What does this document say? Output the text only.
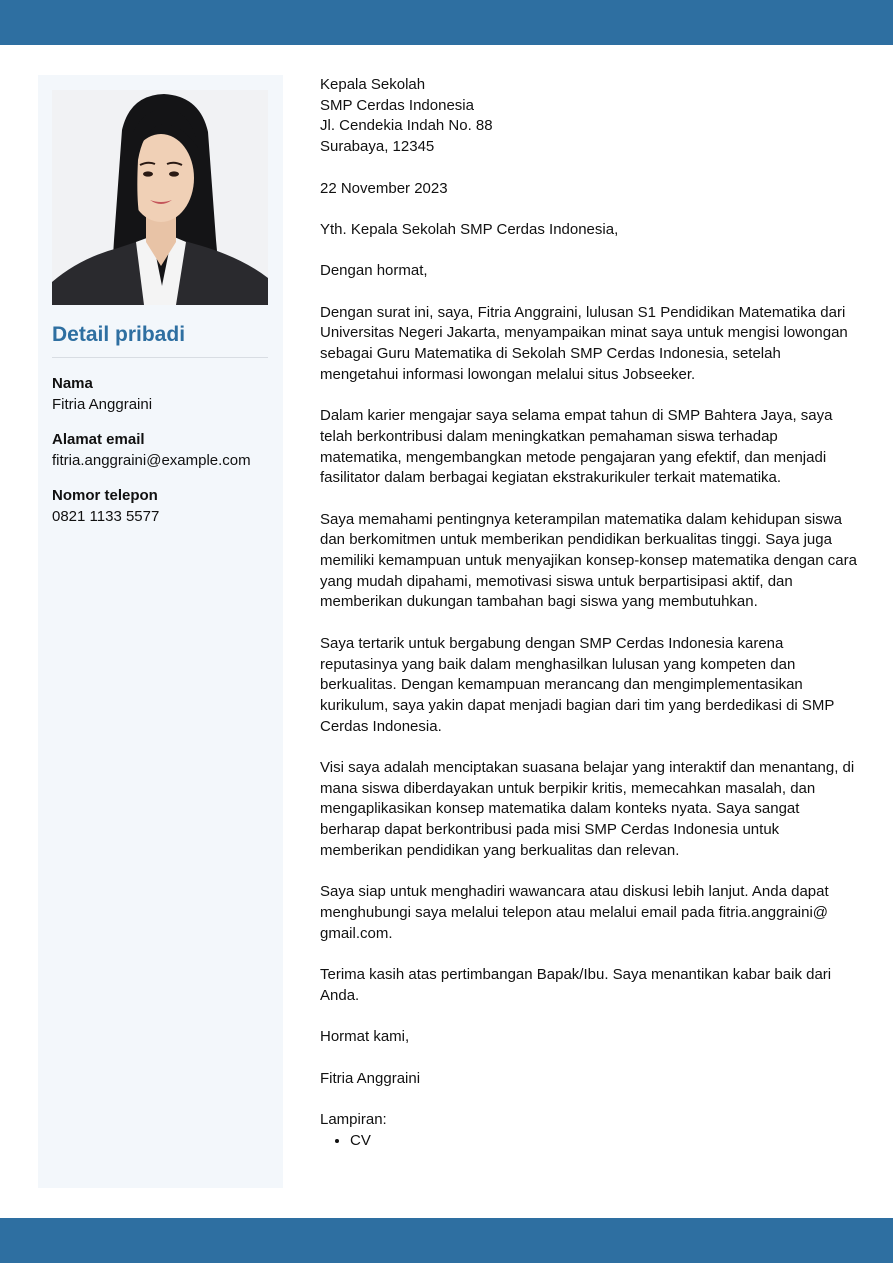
Detail pribadi
Nama
Fitria Anggraini
Alamat email
fitria.anggraini@example.com
Nomor telepon
0821 1133 5577
Kepala Sekolah
SMP Cerdas Indonesia
Jl. Cendekia Indah No. 88
Surabaya, 12345

22 November 2023

Yth. Kepala Sekolah SMP Cerdas Indonesia,

Dengan hormat,

Dengan surat ini, saya, Fitria Anggraini, lulusan S1 Pendidikan Matematika dari Universitas Negeri Jakarta, menyampaikan minat saya untuk mengisi lowongan sebagai Guru Matematika di Sekolah SMP Cerdas Indonesia, setelah mengetahui informasi lowongan melalui situs Jobseeker.

Dalam karier mengajar saya selama empat tahun di SMP Bahtera Jaya, saya telah berkontribusi dalam meningkatkan pemahaman siswa terhadap matematika, mengembangkan metode pengajaran yang efektif, dan menjadi fasilitator dalam berbagai kegiatan ekstrakurikuler terkait matematika.

Saya memahami pentingnya keterampilan matematika dalam kehidupan siswa dan berkomitmen untuk memberikan pendidikan berkualitas tinggi. Saya juga memiliki kemampuan untuk menyajikan konsep-konsep matematika dengan cara yang mudah dipahami, memotivasi siswa untuk berpartisipasi aktif, dan memberikan dukungan tambahan bagi siswa yang membutuhkan.

Saya tertarik untuk bergabung dengan SMP Cerdas Indonesia karena reputasinya yang baik dalam menghasilkan lulusan yang kompeten dan berkualitas. Dengan kemampuan merancang dan mengimplementasikan kurikulum, saya yakin dapat menjadi bagian dari tim yang berdedikasi di SMP Cerdas Indonesia.

Visi saya adalah menciptakan suasana belajar yang interaktif dan menantang, di mana siswa diberdayakan untuk berpikir kritis, memecahkan masalah, dan mengaplikasikan konsep matematika dalam konteks nyata. Saya sangat berharap dapat berkontribusi pada misi SMP Cerdas Indonesia untuk memberikan pendidikan yang berkualitas dan relevan.

Saya siap untuk menghadiri wawancara atau diskusi lebih lanjut. Anda dapat menghubungi saya melalui telepon atau melalui email pada fitria.anggraini@ gmail.com.

Terima kasih atas pertimbangan Bapak/Ibu. Saya menantikan kabar baik dari Anda.

Hormat kami,

Fitria Anggraini

Lampiran:

• CV
